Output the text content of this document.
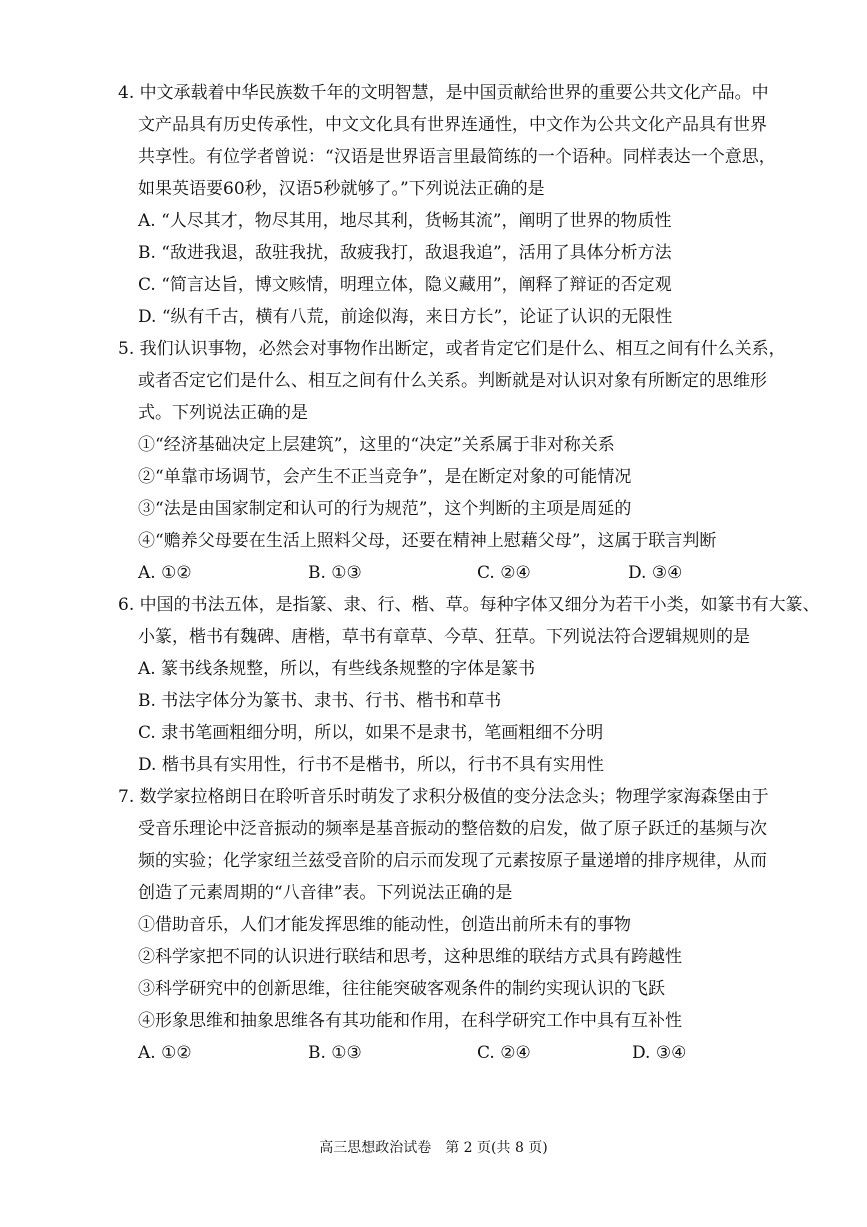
4. 中文承载着中华民族数千年的文明智慧，是中国贡献给世界的重要公共文化产品。中
文产品具有历史传承性，中文文化具有世界连通性，中文作为公共文化产品具有世界
共享性。有位学者曾说：“汉语是世界语言里最简练的一个语种。同样表达一个意思，
如果英语要60秒，汉语5秒就够了。”下列说法正确的是
A. “人尽其才，物尽其用，地尽其利，货畅其流”，阐明了世界的物质性
B. “敌进我退，敌驻我扰，敌疲我打，敌退我追”，活用了具体分析方法
C. “简言达旨，博文赅情，明理立体，隐义藏用”，阐释了辩证的否定观
D. “纵有千古，横有八荒，前途似海，来日方长”，论证了认识的无限性
5. 我们认识事物，必然会对事物作出断定，或者肯定它们是什么、相互之间有什么关系，
或者否定它们是什么、相互之间有什么关系。判断就是对认识对象有所断定的思维形
式。下列说法正确的是
①“经济基础决定上层建筑”，这里的“决定”关系属于非对称关系
②“单靠市场调节，会产生不正当竞争”，是在断定对象的可能情况
③“法是由国家制定和认可的行为规范”，这个判断的主项是周延的
④“赡养父母要在生活上照料父母，还要在精神上慰藉父母”，这属于联言判断
A. ①②	B. ①③	C. ②④	D. ③④
6. 中国的书法五体，是指篆、隶、行、楷、草。每种字体又细分为若干小类，如篆书有大篆、
小篆，楷书有魏碑、唐楷，草书有章草、今草、狂草。下列说法符合逻辑规则的是
A. 篆书线条规整，所以，有些线条规整的字体是篆书
B. 书法字体分为篆书、隶书、行书、楷书和草书
C. 隶书笔画粗细分明，所以，如果不是隶书，笔画粗细不分明
D. 楷书具有实用性，行书不是楷书，所以，行书不具有实用性
7. 数学家拉格朗日在聆听音乐时萌发了求积分极值的变分法念头；物理学家海森堡由于
受音乐理论中泛音振动的频率是基音振动的整倍数的启发，做了原子跃迁的基频与次
频的实验；化学家纽兰兹受音阶的启示而发现了元素按原子量递增的排序规律，从而
创造了元素周期的“八音律”表。下列说法正确的是
①借助音乐，人们才能发挥思维的能动性，创造出前所未有的事物
②科学家把不同的认识进行联结和思考，这种思维的联结方式具有跨越性
③科学研究中的创新思维，往往能突破客观条件的制约实现认识的飞跃
④形象思维和抽象思维各有其功能和作用，在科学研究工作中具有互补性
A. ①②	B. ①③	C. ②④	D. ③④
高三思想政治试卷 第 2 页(共 8 页)
